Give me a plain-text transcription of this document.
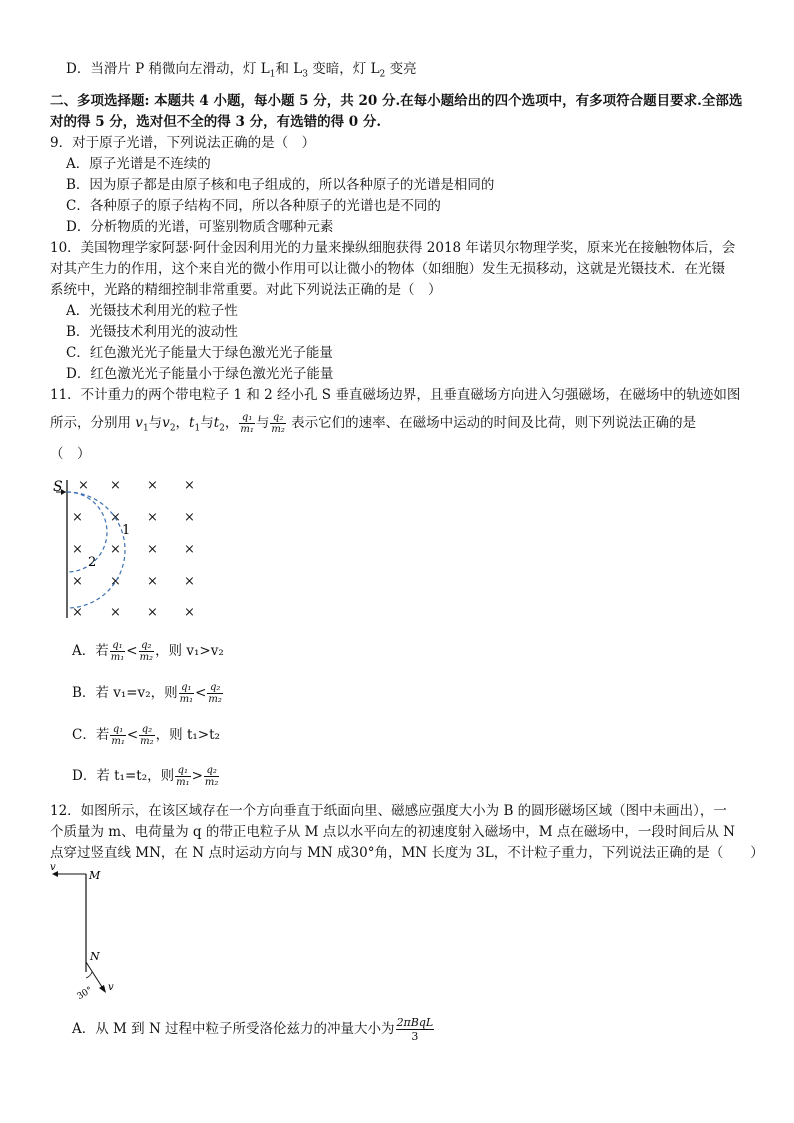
D．当滑片 P 稍微向左滑动，灯 $L_1$和 $L_3$ 变暗，灯 $L_2$ 变亮
二、多项选择题: 本题共 4 小题，每小题 5 分，共 20 分.在每小题给出的四个选项中，有多项符合题目要求.全部选
对的得 5 分，选对但不全的得 3 分，有选错的得 0 分.
9．对于原子光谱，下列说法正确的是（　）
A．原子光谱是不连续的
B．因为原子都是由原子核和电子组成的，所以各种原子的光谱是相同的
C．各种原子的原子结构不同，所以各种原子的光谱也是不同的
D．分析物质的光谱，可鉴别物质含哪种元素
10．美国物理学家阿瑟·阿什金因利用光的力量来操纵细胞获得 2018 年诺贝尔物理学奖，原来光在接触物体后，会
对其产生力的作用，这个来自光的微小作用可以让微小的物体（如细胞）发生无损移动，这就是光镊技术．在光镊
系统中，光路的精细控制非常重要。对此下列说法正确的是（　）
A．光镊技术利用光的粒子性
B．光镊技术利用光的波动性
C．红色激光光子能量大于绿色激光光子能量
D．红色激光光子能量小于绿色激光光子能量
11．不计重力的两个带电粒子 1 和 2 经小孔 S 垂直磁场边界，且垂直磁场方向进入匀强磁场，在磁场中的轨迹如图
所示，分别用 $v_1$与$v_2$，$t_1$与$t_2$， $\frac{\text{q₁}}{\text{m₁}}$ 与 $\frac{\text{q₂}}{\text{m₂}}$ 表示它们的速率、在磁场中运动的时间及比荷，则下列说法正确的是
（　）
S × × × ×
× × × ×
× × × ×
× × × ×
× × × ×
1
2
A．若 $\frac{\text{q₁}}{\text{m₁}} < \frac{\text{q₂}}{\text{m₂}}$ ，则 v₁>v₂
B．若 v₁=v₂，则 $\frac{\text{q₁}}{\text{m₁}} < \frac{\text{q₂}}{\text{m₂}}$
C．若 $\frac{\text{q₁}}{\text{m₁}} < \frac{\text{q₂}}{\text{m₂}}$ ，则 t₁>t₂
D．若 t₁=t₂，则 $\frac{\text{q₁}}{\text{m₁}} > \frac{\text{q₂}}{\text{m₂}}$
12．如图所示，在该区域存在一个方向垂直于纸面向里、磁感应强度大小为 B 的圆形磁场区域（图中未画出），一
个质量为 m、电荷量为 q 的带正电粒子从 M 点以水平向左的初速度射入磁场中，M 点在磁场中，一段时间后从 N
点穿过竖直线 MN，在 N 点时运动方向与 MN 成30°角，MN 长度为 3L，不计粒子重力，下列说法正确的是（　　）
v
M
N
v
30°
A．从 M 到 N 过程中粒子所受洛伦兹力的冲量大小为 $\frac{\text{2πBqL}}{3}$
